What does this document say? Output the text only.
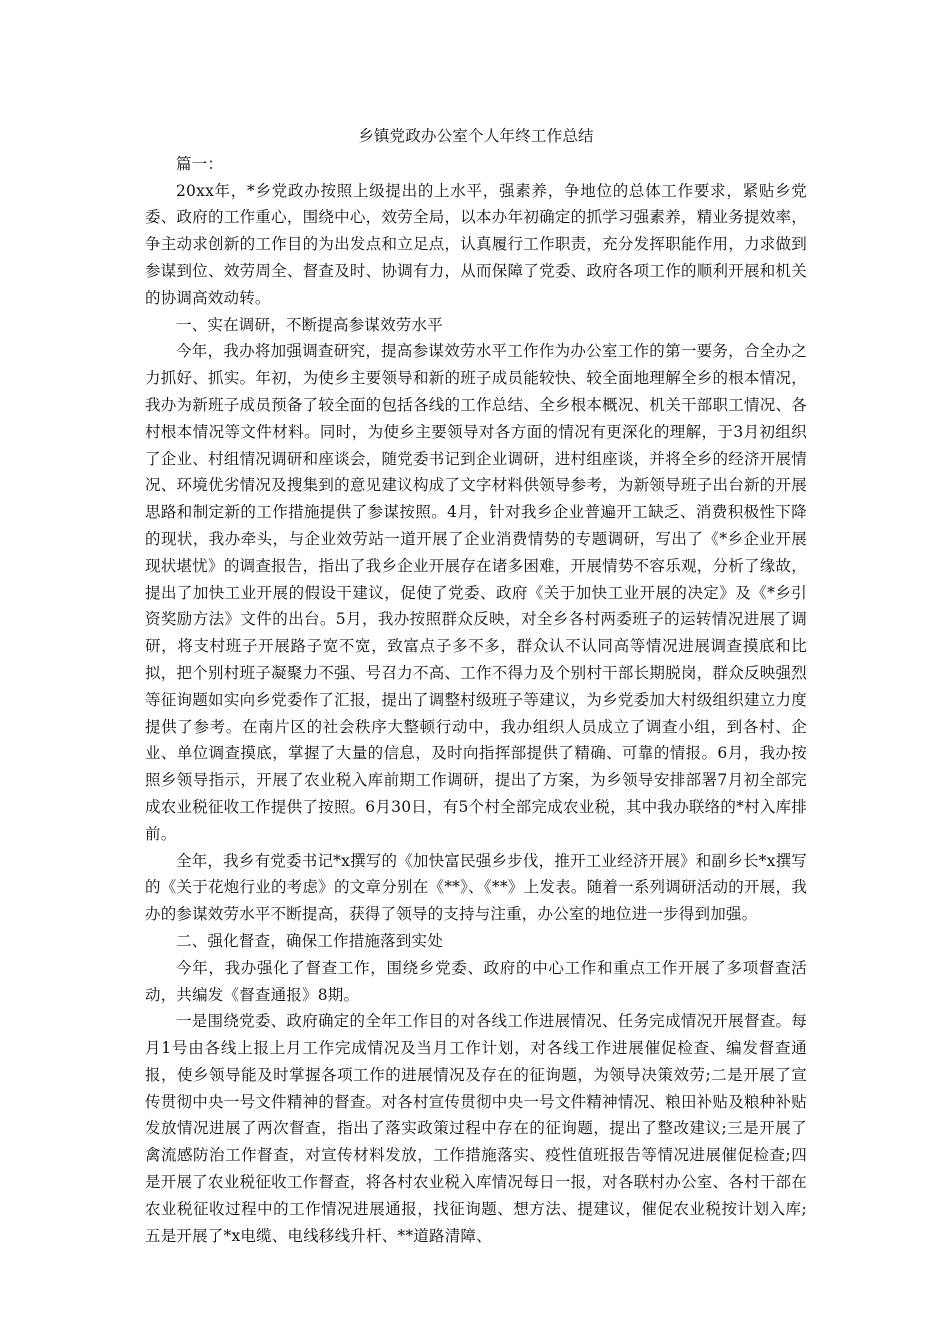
乡镇党政办公室个人年终工作总结

篇一：

20xx年，*乡党政办按照上级提出的上水平，强素养，争地位的总体工作要求，紧贴乡党委、政府的工作重心，围绕中心，效劳全局，以本办年初确定的抓学习强素养，精业务提效率，争主动求创新的工作目的为出发点和立足点，认真履行工作职责，充分发挥职能作用，力求做到参谋到位、效劳周全、督查及时、协调有力，从而保障了党委、政府各项工作的顺利开展和机关的协调高效动转。

一、实在调研，不断提高参谋效劳水平

今年，我办将加强调查研究，提高参谋效劳水平工作作为办公室工作的第一要务，合全办之力抓好、抓实。年初，为使乡主要领导和新的班子成员能较快、较全面地理解全乡的根本情况，我办为新班子成员预备了较全面的包括各线的工作总结、全乡根本概况、机关干部职工情况、各村根本情况等文件材料。同时，为使乡主要领导对各方面的情况有更深化的理解，于3月初组织了企业、村组情况调研和座谈会，随党委书记到企业调研，进村组座谈，并将全乡的经济开展情况、环境优劣情况及搜集到的意见建议构成了文字材料供领导参考，为新领导班子出台新的开展思路和制定新的工作措施提供了参谋按照。4月，针对我乡企业普遍开工缺乏、消费积极性下降的现状，我办牵头，与企业效劳站一道开展了企业消费情势的专题调研，写出了《*乡企业开展现状堪忧》的调查报告，指出了我乡企业开展存在诸多困难，开展情势不容乐观，分析了缘故，提出了加快工业开展的假设干建议，促使了党委、政府《关于加快工业开展的决定》及《*乡引资奖励方法》文件的出台。5月，我办按照群众反映，对全乡各村两委班子的运转情况进展了调研，将支村班子开展路子宽不宽，致富点子多不多，群众认不认同高等情况进展调查摸底和比拟，把个别村班子凝聚力不强、号召力不高、工作不得力及个别村干部长期脱岗，群众反映强烈等征询题如实向乡党委作了汇报，提出了调整村级班子等建议，为乡党委加大村级组织建立力度提供了参考。在南片区的社会秩序大整顿行动中，我办组织人员成立了调查小组，到各村、企业、单位调查摸底，掌握了大量的信息，及时向指挥部提供了精确、可靠的情报。6月，我办按照乡领导指示，开展了农业税入库前期工作调研，提出了方案，为乡领导安排部署7月初全部完成农业税征收工作提供了按照。6月30日，有5个村全部完成农业税，其中我办联络的*村入库排前。

全年，我乡有党委书记*x撰写的《加快富民强乡步伐，推开工业经济开展》和副乡长*x撰写的《关于花炮行业的考虑》的文章分别在《**》、《**》上发表。随着一系列调研活动的开展，我办的参谋效劳水平不断提高，获得了领导的支持与注重，办公室的地位进一步得到加强。

二、强化督查，确保工作措施落到实处

今年，我办强化了督查工作，围绕乡党委、政府的中心工作和重点工作开展了多项督查活动，共编发《督查通报》8期。

一是围绕党委、政府确定的全年工作目的对各线工作进展情况、任务完成情况开展督查。每月1号由各线上报上月工作完成情况及当月工作计划，对各线工作进展催促检查、编发督查通报，使乡领导能及时掌握各项工作的进展情况及存在的征询题，为领导决策效劳;二是开展了宣传贯彻中央一号文件精神的督查。对各村宣传贯彻中央一号文件精神情况、粮田补贴及粮种补贴发放情况进展了两次督查，指出了落实政策过程中存在的征询题，提出了整改建议;三是开展了禽流感防治工作督查，对宣传材料发放，工作措施落实、疫性值班报告等情况进展催促检查;四是开展了农业税征收工作督查，将各村农业税入库情况每日一报，对各联村办公室、各村干部在农业税征收过程中的工作情况进展通报，找征询题、想方法、提建议，催促农业税按计划入库;五是开展了*x电缆、电线移线升杆、**道路清障、
